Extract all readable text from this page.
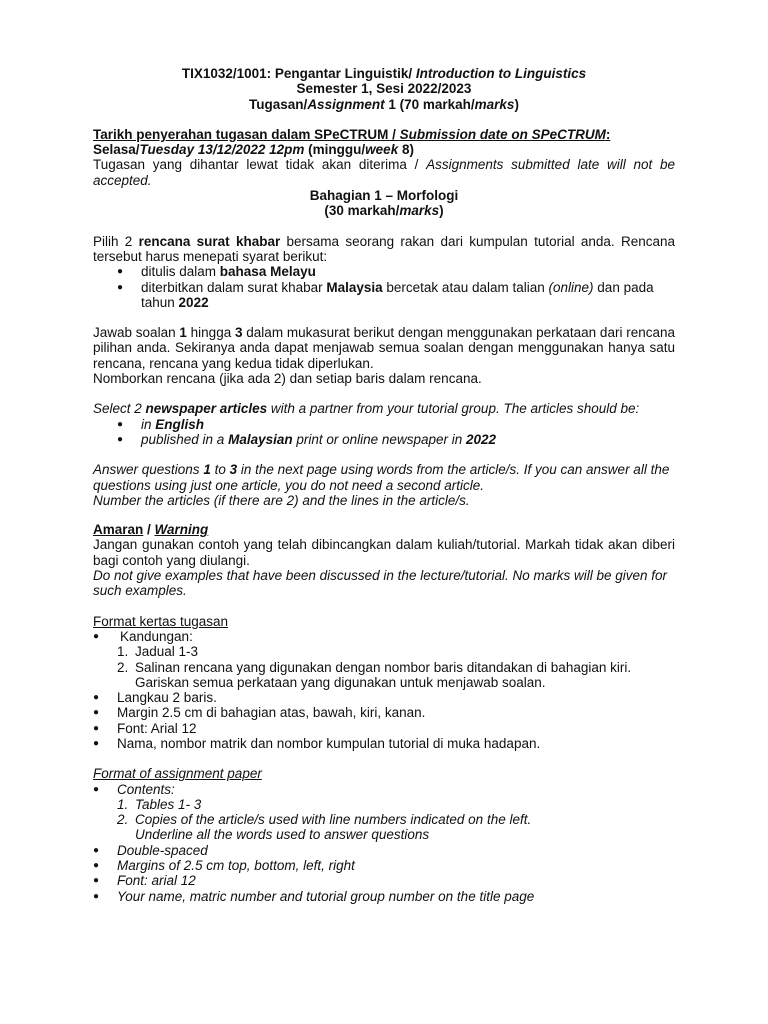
TIX1032/1001: Pengantar Linguistik/ Introduction to Linguistics
Semester 1, Sesi 2022/2023
Tugasan/Assignment 1 (70 markah/marks)
Tarikh penyerahan tugasan dalam SPeCTRUM / Submission date on SPeCTRUM:
Selasa/Tuesday 13/12/2022 12pm (minggu/week 8)
Tugasan yang dihantar lewat tidak akan diterima / Assignments submitted late will not be accepted.
Bahagian 1 – Morfologi
(30 markah/marks)
Pilih 2 rencana surat khabar bersama seorang rakan dari kumpulan tutorial anda. Rencana tersebut harus menepati syarat berikut:
● ditulis dalam bahasa Melayu
● diterbitkan dalam surat khabar Malaysia bercetak atau dalam talian (online) dan pada tahun 2022
Jawab soalan 1 hingga 3 dalam mukasurat berikut dengan menggunakan perkataan dari rencana pilihan anda. Sekiranya anda dapat menjawab semua soalan dengan menggunakan hanya satu rencana, rencana yang kedua tidak diperlukan.
Nomborkan rencana (jika ada 2) dan setiap baris dalam rencana.
Select 2 newspaper articles with a partner from your tutorial group. The articles should be:
● in English
● published in a Malaysian print or online newspaper in 2022
Answer questions 1 to 3 in the next page using words from the article/s. If you can answer all the questions using just one article, you do not need a second article.
Number the articles (if there are 2) and the lines in the article/s.
Amaran / Warning
Jangan gunakan contoh yang telah dibincangkan dalam kuliah/tutorial. Markah tidak akan diberi bagi contoh yang diulangi.
Do not give examples that have been discussed in the lecture/tutorial. No marks will be given for such examples.
Format kertas tugasan
● Kandungan:
1. Jadual 1-3
2. Salinan rencana yang digunakan dengan nombor baris ditandakan di bahagian kiri.
Gariskan semua perkataan yang digunakan untuk menjawab soalan.
● Langkau 2 baris.
● Margin 2.5 cm di bahagian atas, bawah, kiri, kanan.
● Font: Arial 12
● Nama, nombor matrik dan nombor kumpulan tutorial di muka hadapan.
Format of assignment paper
● Contents:
1. Tables 1- 3
2. Copies of the article/s used with line numbers indicated on the left.
Underline all the words used to answer questions
● Double-spaced
● Margins of 2.5 cm top, bottom, left, right
● Font: arial 12
● Your name, matric number and tutorial group number on the title page
